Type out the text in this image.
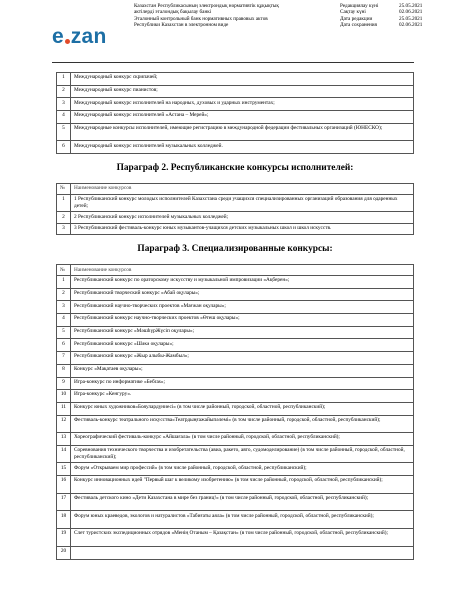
e zan
Казахстан Республикасының электрондық нормативтік құқықтық
актілерді эталондық бақылау банкі
Эталонный контрольный банк нормативных правовых актов
Республики Казахстан в электронном виде
Редакциялау күні
Сақтау күні
Дата редакции
Дата сохранения
25.05.2021
02.06.2021
25.05.2021
02.06.2021
1	Международный конкурс скрипачей;
2	Международный конкурс пианистов;
3	Международный конкурс исполнителей на народных, духовых и ударных инструментах;
4	Международный конкурс исполнителей «Астана – Мерей»;
5	Международные конкурсы исполнителей, имеющие регистрацию в международной федерации фестивальных организаций (ЮНЕСКО);
6	Международный конкурс исполнителей музыкальных колледжей.
Параграф 2. Республиканские конкурсы исполнителей:
№	Наименование конкурсов
1	1 Республиканский конкурс молодых исполнителей Казахстана среди учащихся специализированных организаций образования для одаренных детей;
2	2 Республиканский конкурс исполнителей музыкальных колледжей;
3	3 Республиканский фестиваль-конкурс юных музыкантов-учащихся детских музыкальных школ и школ искусств.
Параграф 3. Специализированные конкурсы:
№	Наименование конкурсов
1	Республиканский конкурс по ораторскому искусству и музыкальной импровизации «Ақберен»;
2	Республиканский творческий конкурс «Абай оқулары»;
3	Республиканский научно-творческих проектов «Мағжан оқулары»;
4	Республиканский конкурс научно-творческих проектов «Өтеш оқулары»;
5	Республиканский конкурс «МәшһүрЖүсіп оқулары»;
6	Республиканский конкурс «Шәкә оқулары»;
7	Республиканский конкурс «Жыр алыбы-Жамбыл»;
8	Конкурс «Мақатаев оқулары»;
9	Игра-конкурс по информатике «Бебras»;
10	Игра-конкурс «Кенгуру».
11	Конкурс юных художников«Бояулардүниесі» (в том числе районный, городской, областной, республиканский);
12	Фестиваль-конкурс театрального искусства«Театрдыңғажайыпәлемі» (в том числе районный, городской, областной, республиканский);
13	Хореографический фестиваль-конкурс «Айшағала» (в том числе районный, городской, областной, республиканский);
14	Соревнования технического творчества и изобретательства (авиа, ракето, авто, судомоделирование) (в том числе районный, городской, областной, республиканский);
15	Форум «Открываем мир профессий» (в том числе районный, городской, областной, республиканский);
16	Конкурс инновационных идей "Первый шаг к великому изобретению» (в том числе районный, городской, областной, республиканский);
17	Фестиваль детского кино «Дети Казахстана в мире без границ!» (в том числе районный, городской, областной, республиканский);
18	Форум юных краеведов, экологов и натуралистов «Табиғаты аяла» (в том числе районный, городской, областной, республиканский);
19	Слет туристских экспедиционных отрядов «Менің Отаным – Қазақстан» (в том числе районный, городской, областной, республиканский);
20	
